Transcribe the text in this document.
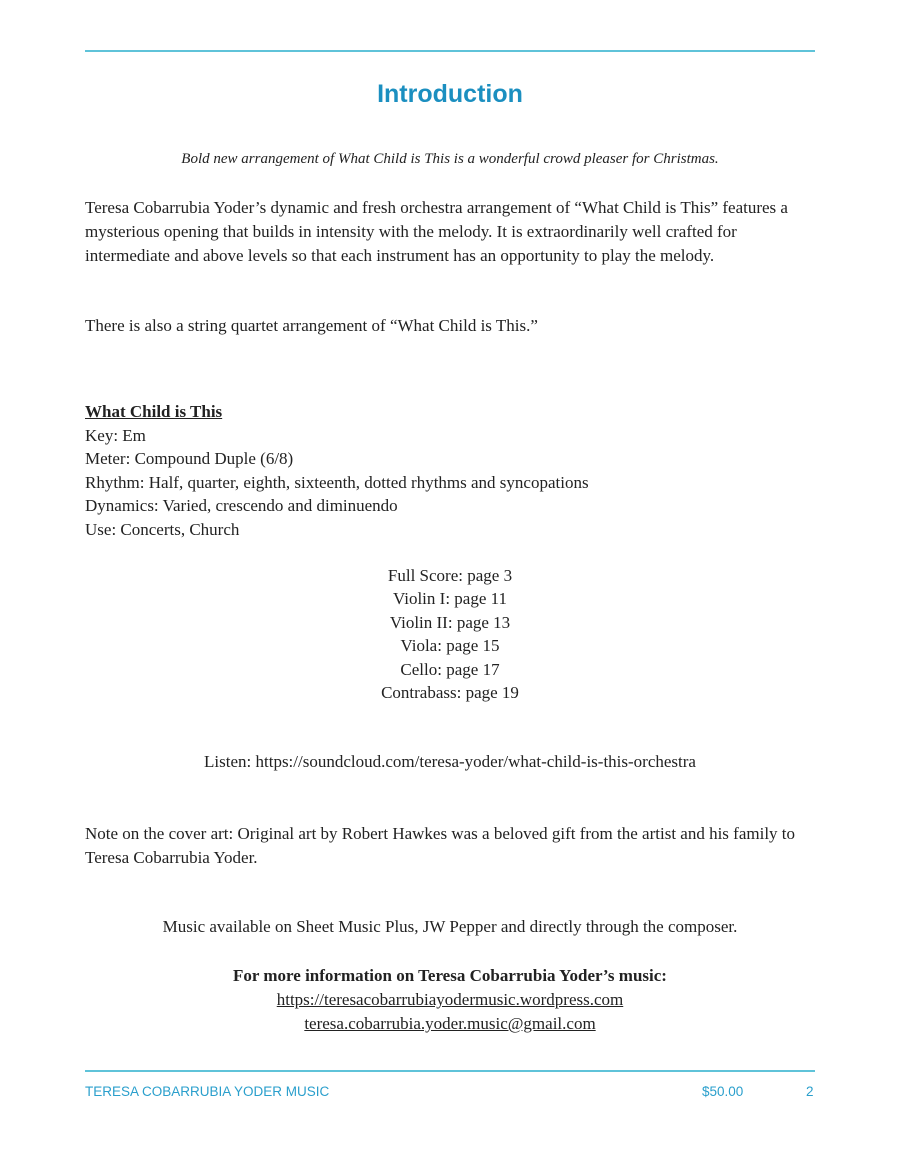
Introduction
Bold new arrangement of What Child is This is a wonderful crowd pleaser for Christmas.

Teresa Cobarrubia Yoder’s dynamic and fresh orchestra arrangement of “What Child is This” features a mysterious opening that builds in intensity with the melody. It is extraordinarily well crafted for intermediate and above levels so that each instrument has an opportunity to play the melody.

There is also a string quartet arrangement of “What Child is This.”

What Child is This
Key: Em
Meter: Compound Duple (6/8)
Rhythm: Half, quarter, eighth, sixteenth, dotted rhythms and syncopations
Dynamics: Varied, crescendo and diminuendo
Use: Concerts, Church
Full Score: page 3
Violin I: page 11
Violin II: page 13
Viola: page 15
Cello: page 17
Contrabass: page 19
Listen: https://soundcloud.com/teresa-yoder/what-child-is-this-orchestra

Note on the cover art: Original art by Robert Hawkes was a beloved gift from the artist and his family to Teresa Cobarrubia Yoder.

Music available on Sheet Music Plus, JW Pepper and directly through the composer.
For more information on Teresa Cobarrubia Yoder’s music:
https://teresacobarrubiayodermusic.wordpress.com
teresa.cobarrubia.yoder.music@gmail.com
TERESA COBARRUBIA YODER MUSIC	$50.00	2
